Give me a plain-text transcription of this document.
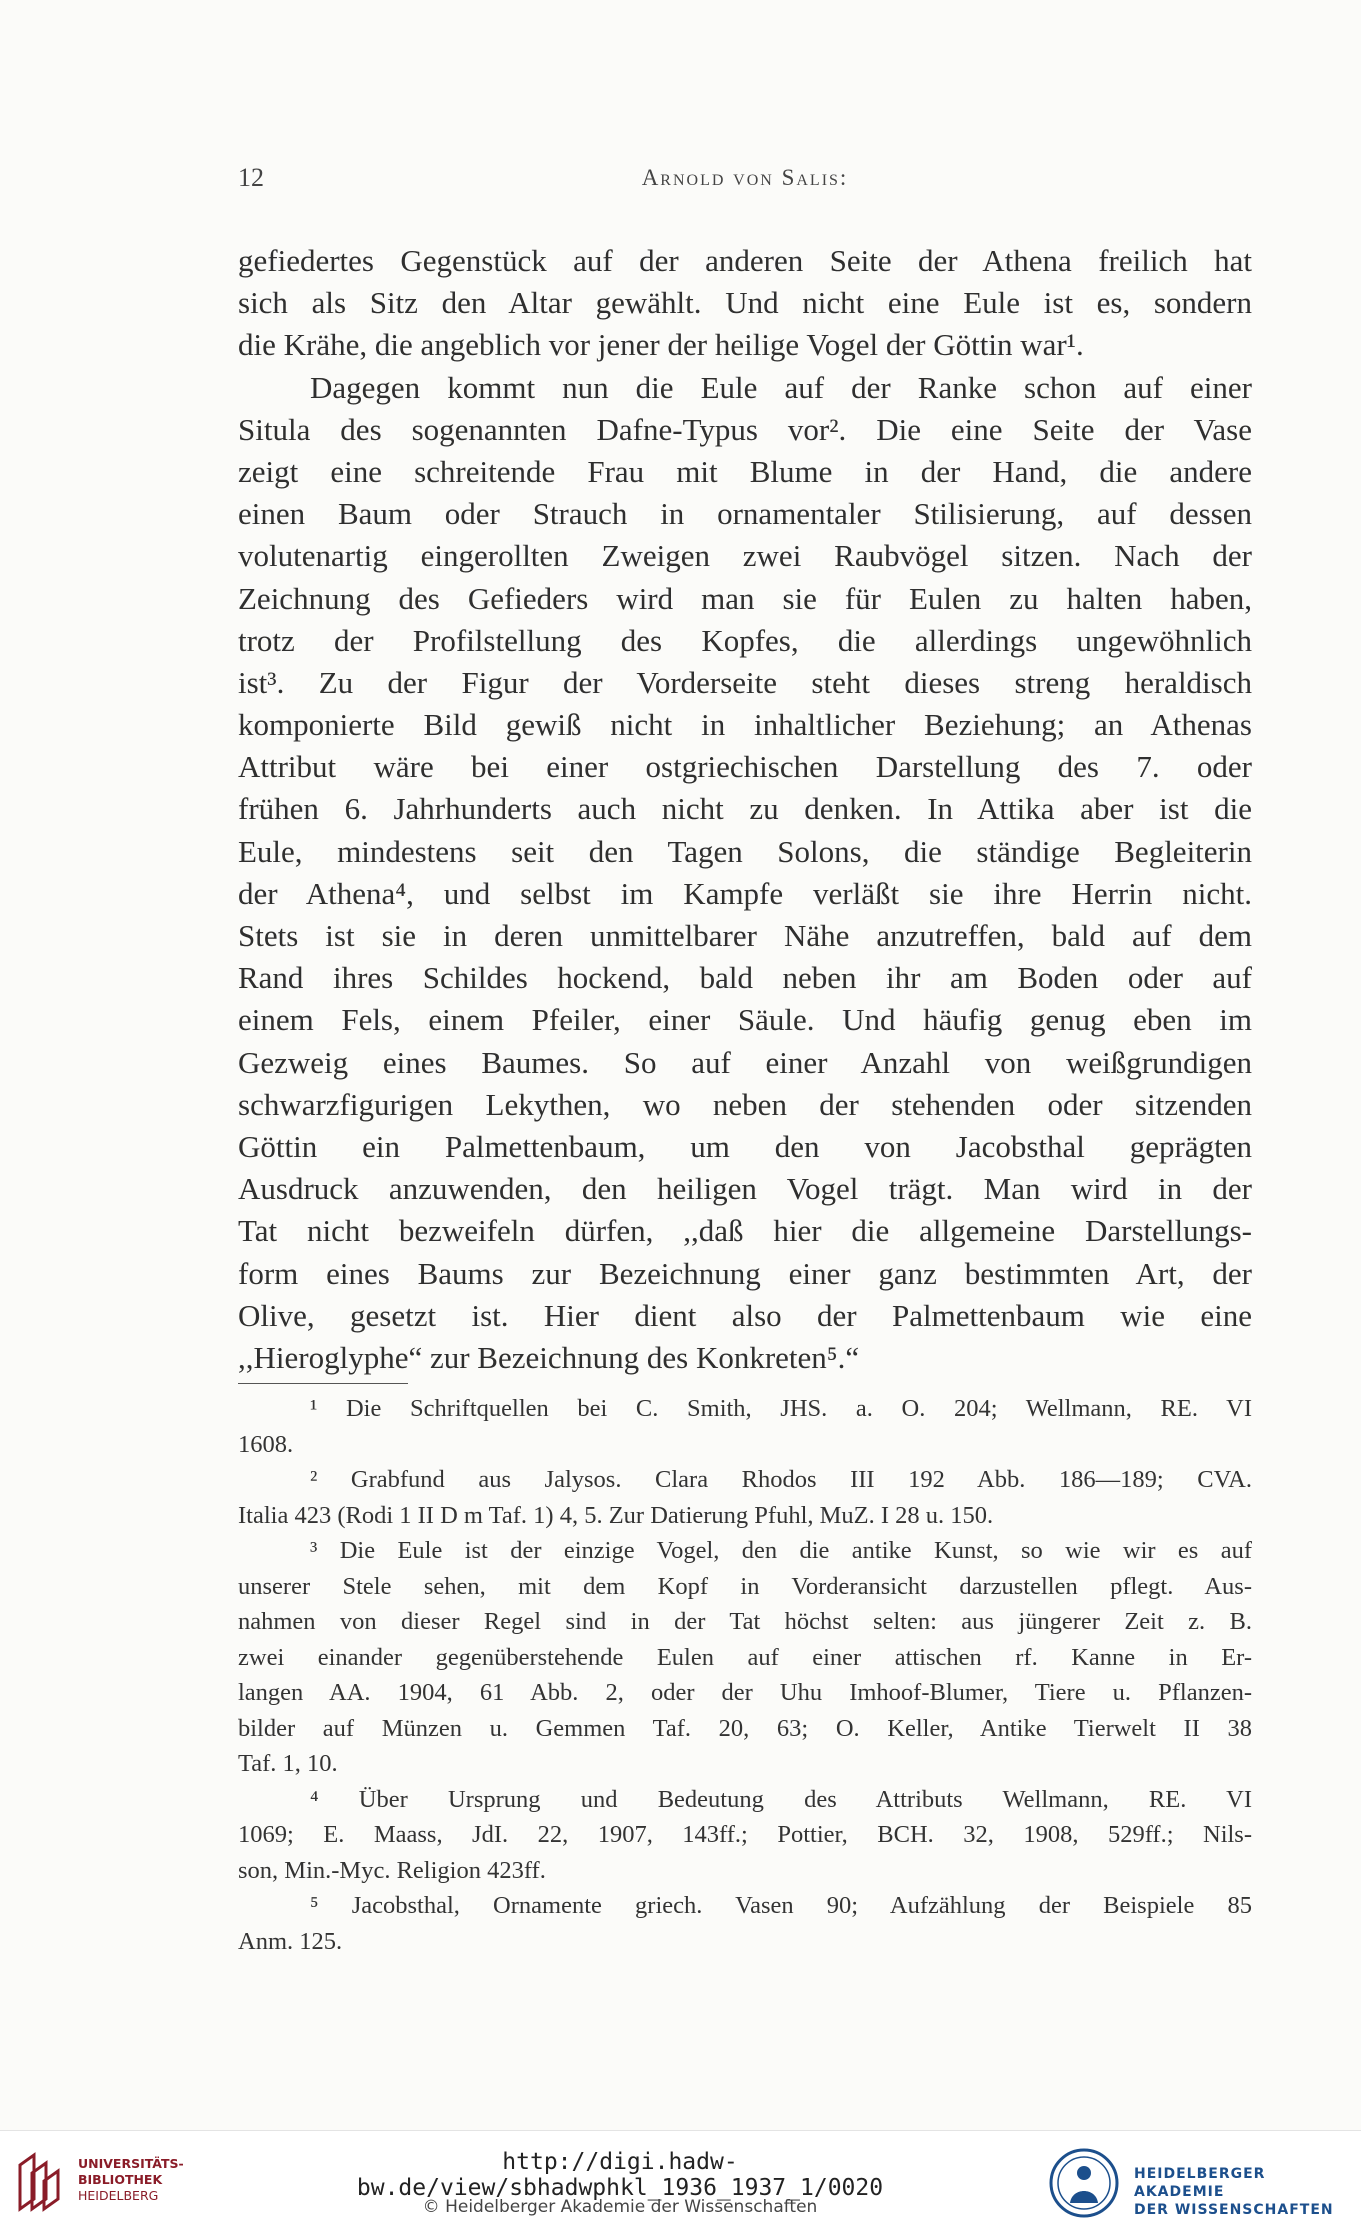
12	Arnold von Salis:
gefiedertes Gegenstück auf der anderen Seite der Athena freilich hat
sich als Sitz den Altar gewählt. Und nicht eine Eule ist es, sondern
die Krähe, die angeblich vor jener der heilige Vogel der Göttin war¹.
Dagegen kommt nun die Eule auf der Ranke schon auf einer
Situla des sogenannten Dafne-Typus vor². Die eine Seite der Vase
zeigt eine schreitende Frau mit Blume in der Hand, die andere
einen Baum oder Strauch in ornamentaler Stilisierung, auf dessen
volutenartig eingerollten Zweigen zwei Raubvögel sitzen. Nach der
Zeichnung des Gefieders wird man sie für Eulen zu halten haben,
trotz der Profilstellung des Kopfes, die allerdings ungewöhnlich
ist³. Zu der Figur der Vorderseite steht dieses streng heraldisch
komponierte Bild gewiß nicht in inhaltlicher Beziehung; an Athenas
Attribut wäre bei einer ostgriechischen Darstellung des 7. oder
frühen 6. Jahrhunderts auch nicht zu denken. In Attika aber ist die
Eule, mindestens seit den Tagen Solons, die ständige Begleiterin
der Athena⁴, und selbst im Kampfe verläßt sie ihre Herrin nicht.
Stets ist sie in deren unmittelbarer Nähe anzutreffen, bald auf dem
Rand ihres Schildes hockend, bald neben ihr am Boden oder auf
einem Fels, einem Pfeiler, einer Säule. Und häufig genug eben im
Gezweig eines Baumes. So auf einer Anzahl von weißgrundigen
schwarzfigurigen Lekythen, wo neben der stehenden oder sitzenden
Göttin ein Palmettenbaum, um den von Jacobsthal geprägten
Ausdruck anzuwenden, den heiligen Vogel trägt. Man wird in der
Tat nicht bezweifeln dürfen, ,,daß hier die allgemeine Darstellungs-
form eines Baums zur Bezeichnung einer ganz bestimmten Art, der
Olive, gesetzt ist. Hier dient also der Palmettenbaum wie eine
,,Hieroglyphe“ zur Bezeichnung des Konkreten⁵.“
¹ Die Schriftquellen bei C. Smith, JHS. a. O. 204; Wellmann, RE. VI
1608.
² Grabfund aus Jalysos. Clara Rhodos III 192 Abb. 186—189; CVA.
Italia 423 (Rodi 1 II D m Taf. 1) 4, 5. Zur Datierung Pfuhl, MuZ. I 28 u. 150.
³ Die Eule ist der einzige Vogel, den die antike Kunst, so wie wir es auf
unserer Stele sehen, mit dem Kopf in Vorderansicht darzustellen pflegt. Aus-
nahmen von dieser Regel sind in der Tat höchst selten: aus jüngerer Zeit z. B.
zwei einander gegenüberstehende Eulen auf einer attischen rf. Kanne in Er-
langen AA. 1904, 61 Abb. 2, oder der Uhu Imhoof-Blumer, Tiere u. Pflanzen-
bilder auf Münzen u. Gemmen Taf. 20, 63; O. Keller, Antike Tierwelt II 38
Taf. 1, 10.
⁴ Über Ursprung und Bedeutung des Attributs Wellmann, RE. VI
1069; E. Maass, JdI. 22, 1907, 143ff.; Pottier, BCH. 32, 1908, 529ff.; Nils-
son, Min.-Myc. Religion 423ff.
⁵ Jacobsthal, Ornamente griech. Vasen 90; Aufzählung der Beispiele 85
Anm. 125.
UNIVERSITÄTS-
BIBLIOTHEK
HEIDELBERG
http://digi.hadw-bw.de/view/sbhadwphkl_1936_1937_1/0020
© Heidelberger Akademie der Wissenschaften
HEIDELBERGER AKADEMIE
DER WISSENSCHAFTEN
